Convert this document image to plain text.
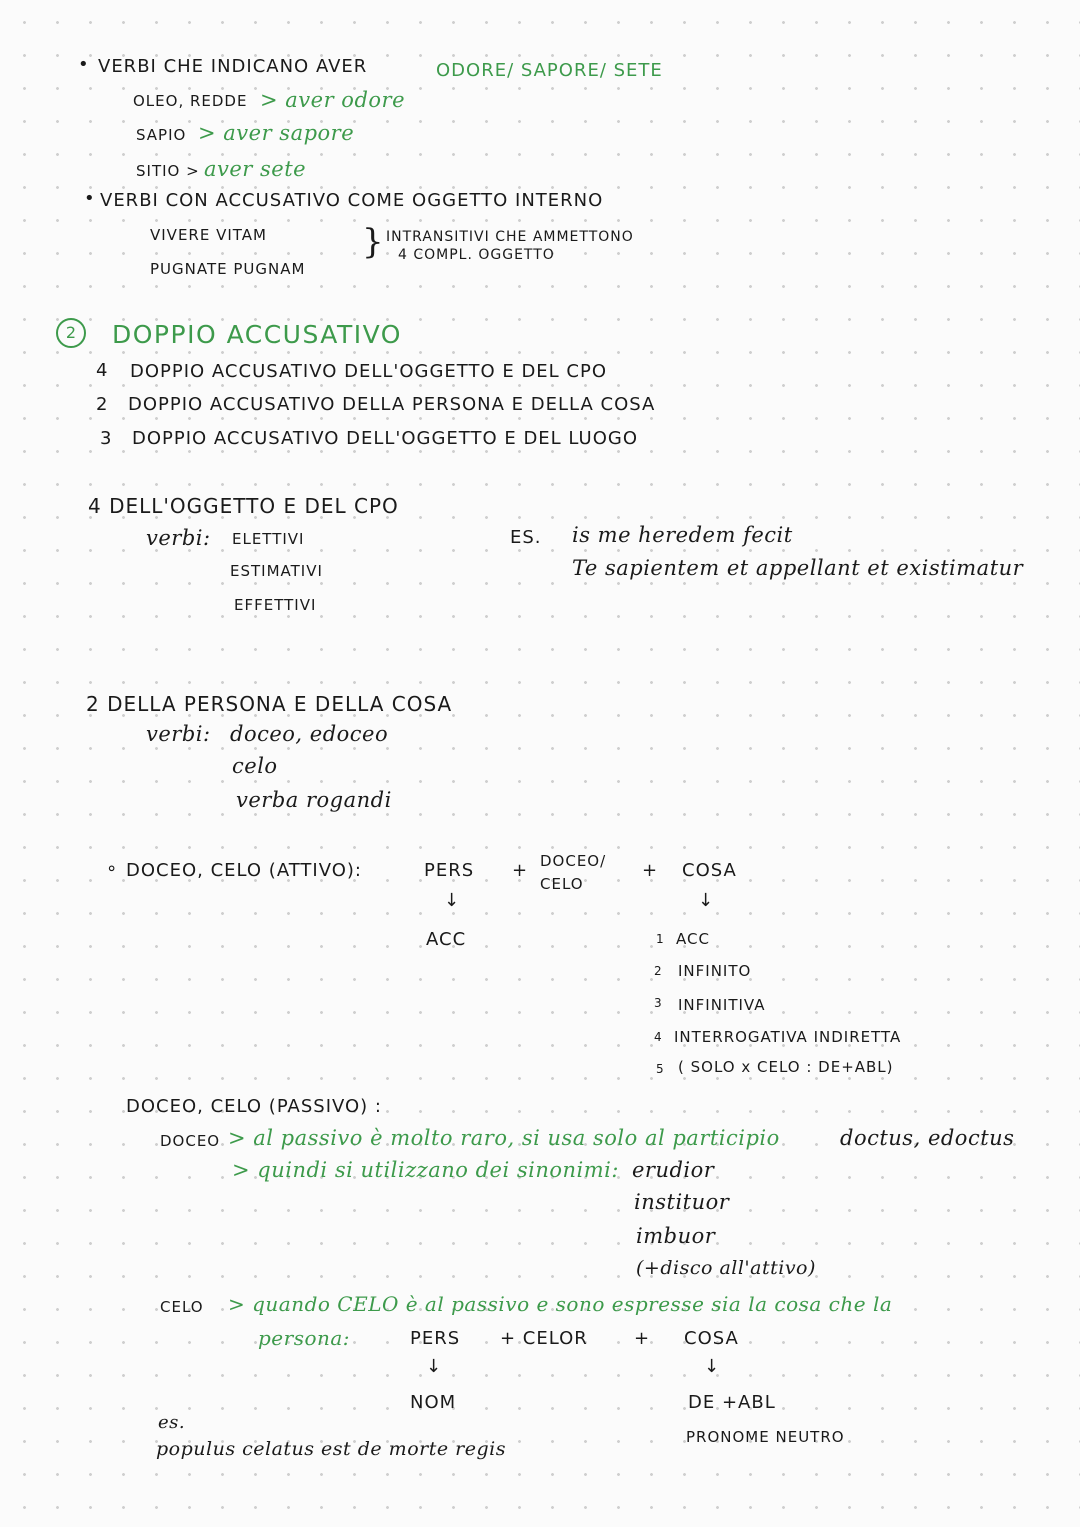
• VERBI CHE INDICANO AVER	ODORE/ SAPORE/ SETE
OLEO, REDDE > aver odore
SAPIO > aver sapore
SITIO > aver sete
• VERBI CON ACCUSATIVO COME OGGETTO INTERNO
VIVERE VITAM
PUGNATE PUGNAM
} INTRANSITIVI CHE AMMETTONO
4 COMPL. OGGETTO
2	DOPPIO ACCUSATIVO
4 DOPPIO ACCUSATIVO DELL'OGGETTO E DEL CPO
2 DOPPIO ACCUSATIVO DELLA PERSONA E DELLA COSA
3 DOPPIO ACCUSATIVO DELL'OGGETTO E DEL LUOGO
4 DELL'OGGETTO E DEL CPO
verbi: ELETTIVI
ESTIMATIVI
EFFETTIVI
ES. is me heredem fecit
Te sapientem et appellant et existimatur
2 DELLA PERSONA E DELLA COSA
verbi: doceo, edoceo
celo
verba rogandi
∘ DOCEO, CELO (ATTIVO):	PERS + DOCEO/
CELO
+ COSA
↓	↓
ACC	1 ACC
2 INFINITO
3 INFINITIVA
4 INTERROGATIVA INDIRETTA
5 ( SOLO x CELO : DE+ABL)
DOCEO, CELO (PASSIVO) :
DOCEO > al passivo è molto raro, si usa solo al participio	doctus, edoctus
> quindi si utilizzano dei sinonimi: erudior
instituor
imbuor
(+disco all'attivo)
CELO > quando CELO è al passivo e sono espresse sia la cosa che la
persona:	PERS + CELOR	+ COSA
↓	↓
NOM	DE +ABL
PRONOME NEUTRO
es.
populus celatus est de morte regis
